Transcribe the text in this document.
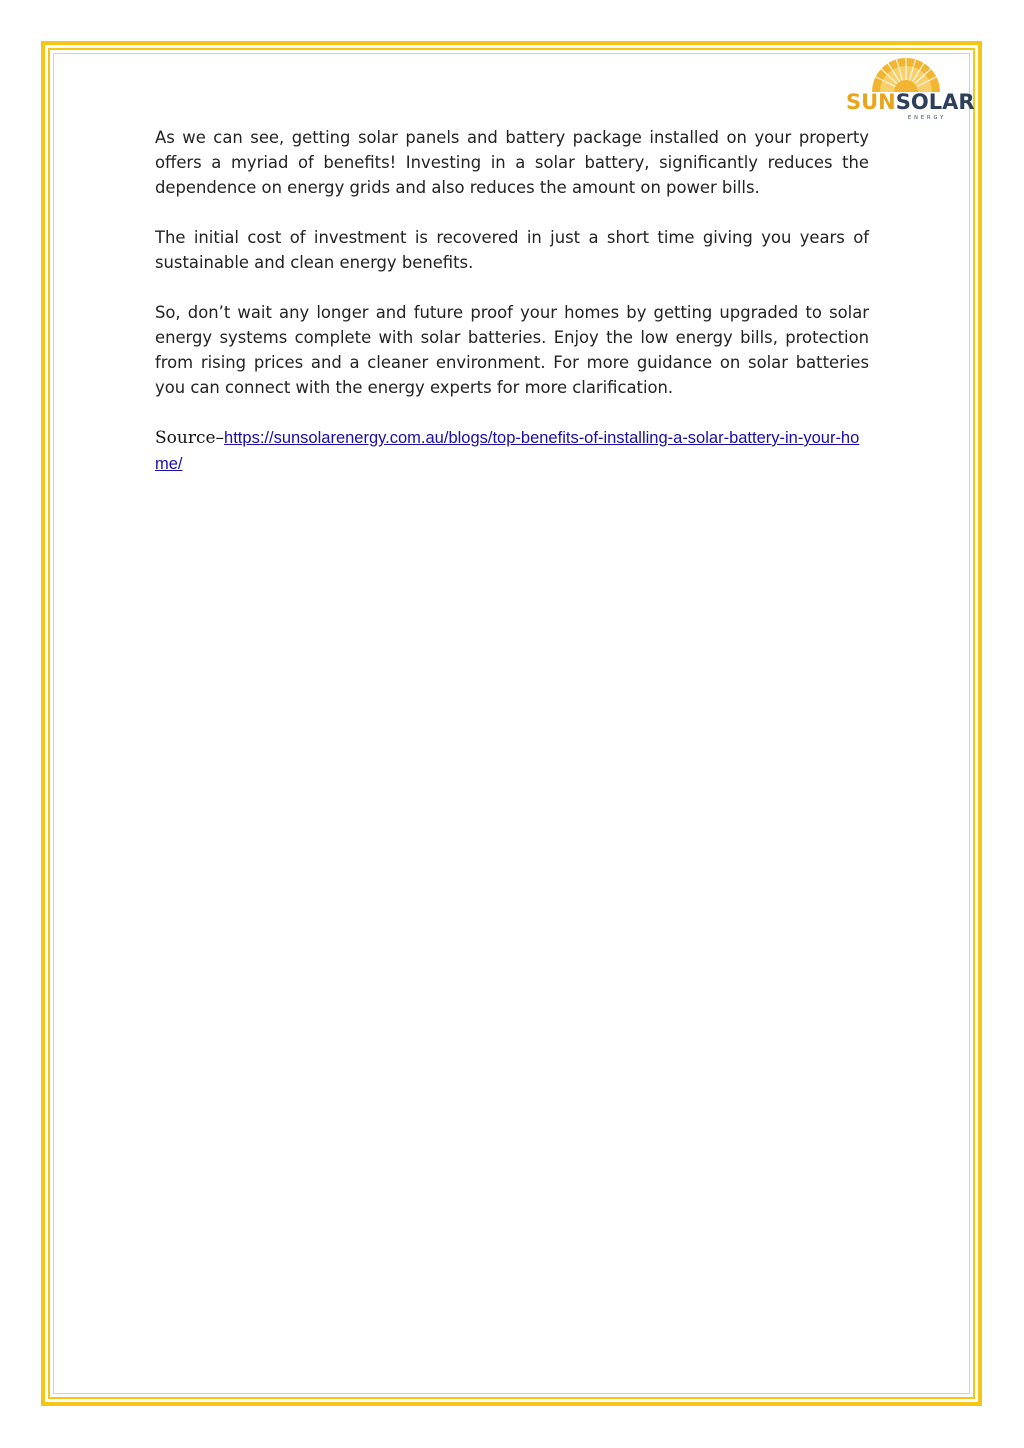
SUNSOLAR
ENERGY

As we can see, getting solar panels and battery package installed on your property offers a myriad of benefits! Investing in a solar battery, significantly reduces the dependence on energy grids and also reduces the amount on power bills.

The initial cost of investment is recovered in just a short time giving you years of sustainable and clean energy benefits.

So, don’t wait any longer and future proof your homes by getting upgraded to solar energy systems complete with solar batteries. Enjoy the low energy bills, protection from rising prices and a cleaner environment. For more guidance on solar batteries you can connect with the energy experts for more clarification.

Source–https://sunsolarenergy.com.au/blogs/top-benefits-of-installing-a-solar-battery-in-your-home/
